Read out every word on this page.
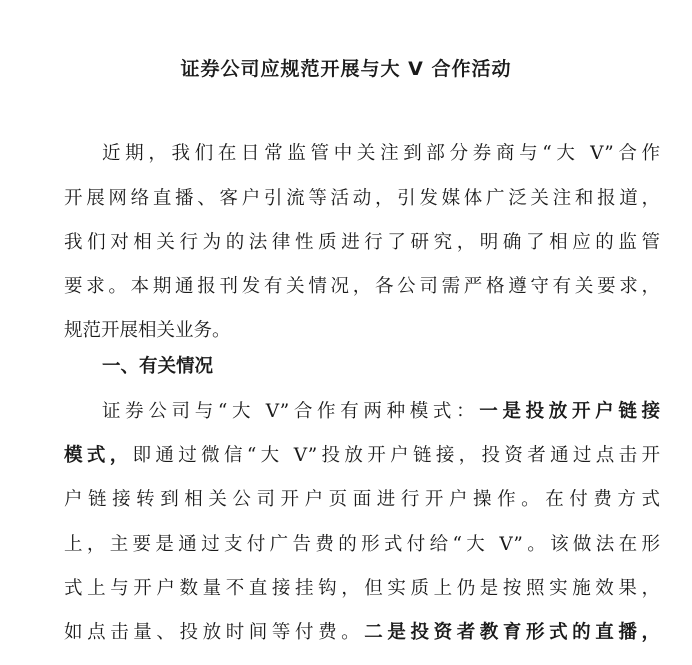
证券公司应规范开展与大 V 合作活动
近期，我们在日常监管中关注到部分券商与“大 V”合作
开展网络直播、客户引流等活动，引发媒体广泛关注和报道，
我们对相关行为的法律性质进行了研究，明确了相应的监管
要求。本期通报刊发有关情况，各公司需严格遵守有关要求，
规范开展相关业务。
一、有关情况
证券公司与“大 V”合作有两种模式：一是投放开户链接
模式，即通过微信“大 V”投放开户链接，投资者通过点击开
户链接转到相关公司开户页面进行开户操作。在付费方式
上，主要是通过支付广告费的形式付给“大 V”。该做法在形
式上与开户数量不直接挂钩，但实质上仍是按照实施效果，
如点击量、投放时间等付费。二是投资者教育形式的直播，
